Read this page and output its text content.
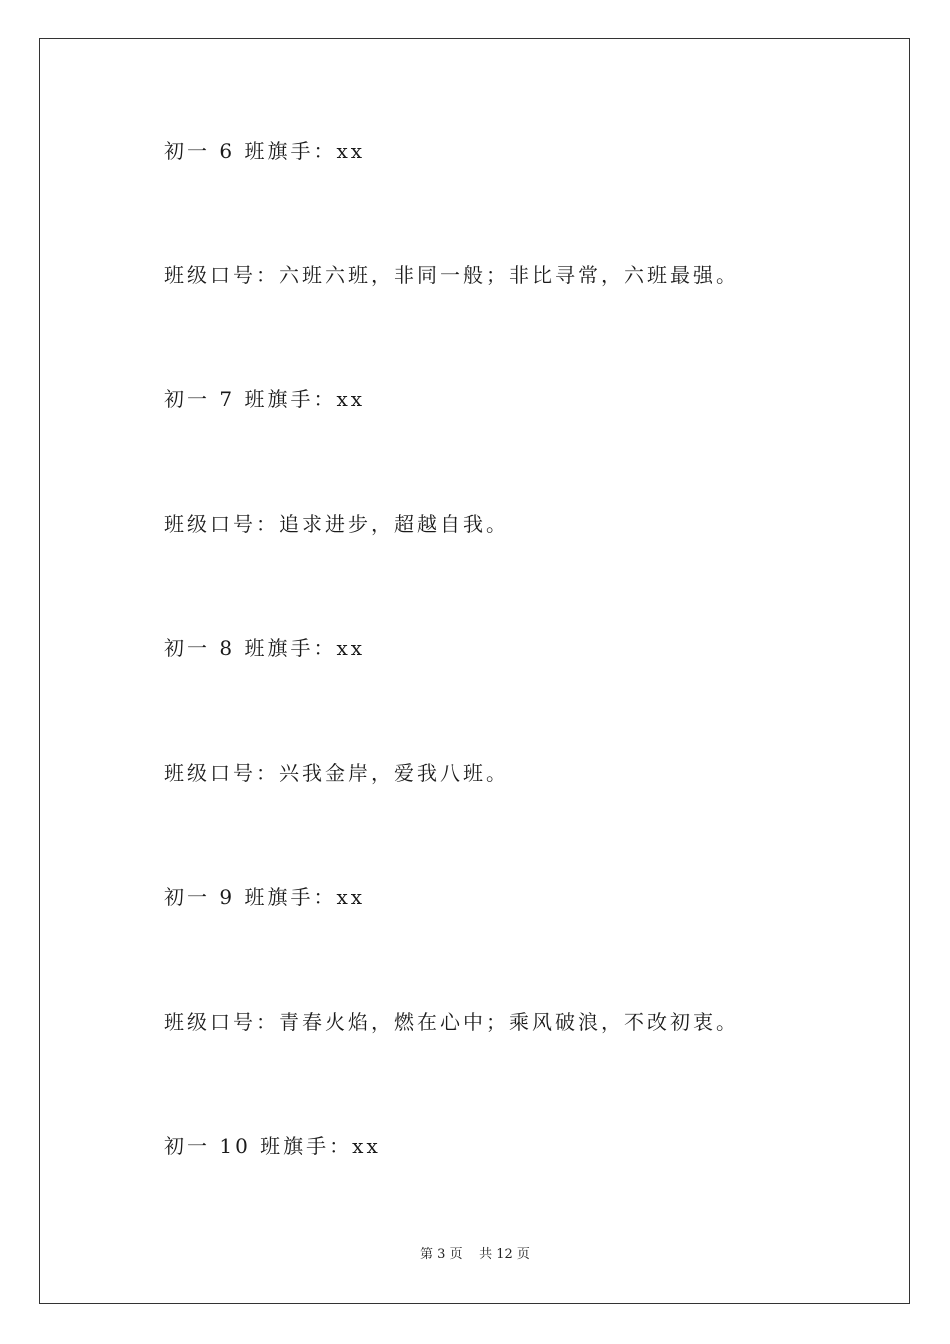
初一 6 班旗手：xx
班级口号：六班六班，非同一般；非比寻常，六班最强。
初一 7 班旗手：xx
班级口号：追求进步，超越自我。
初一 8 班旗手：xx
班级口号：兴我金岸，爱我八班。
初一 9 班旗手：xx
班级口号：青春火焰，燃在心中；乘风破浪，不改初衷。
初一 10 班旗手：xx
第 3 页 共 12 页
